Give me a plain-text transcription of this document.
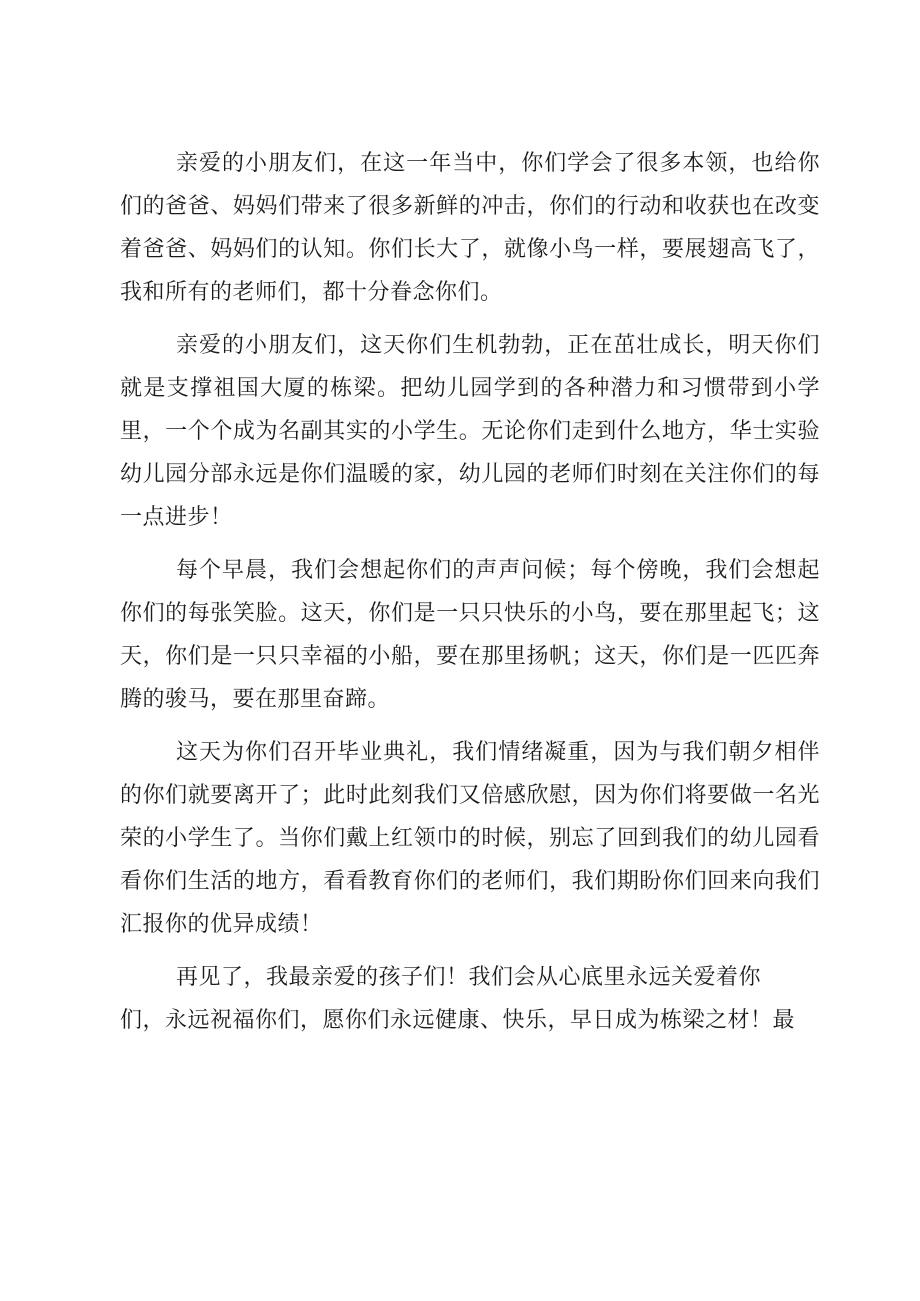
亲爱的小朋友们，在这一年当中，你们学会了很多本领，也给你们的爸爸、妈妈们带来了很多新鲜的冲击，你们的行动和收获也在改变着爸爸、妈妈们的认知。你们长大了，就像小鸟一样，要展翅高飞了，我和所有的老师们，都十分眷念你们。

亲爱的小朋友们，这天你们生机勃勃，正在茁壮成长，明天你们就是支撑祖国大厦的栋梁。把幼儿园学到的各种潜力和习惯带到小学里，一个个成为名副其实的小学生。无论你们走到什么地方，华士实验幼儿园分部永远是你们温暖的家，幼儿园的老师们时刻在关注你们的每一点进步！

每个早晨，我们会想起你们的声声问候；每个傍晚，我们会想起你们的每张笑脸。这天，你们是一只只快乐的小鸟，要在那里起飞；这天，你们是一只只幸福的小船，要在那里扬帆；这天，你们是一匹匹奔腾的骏马，要在那里奋蹄。

这天为你们召开毕业典礼，我们情绪凝重，因为与我们朝夕相伴的你们就要离开了；此时此刻我们又倍感欣慰，因为你们将要做一名光荣的小学生了。当你们戴上红领巾的时候，别忘了回到我们的幼儿园看看你们生活的地方，看看教育你们的老师们，我们期盼你们回来向我们汇报你的优异成绩！

再见了，我最亲爱的孩子们！我们会从心底里永远关爱着你
们，永远祝福你们，愿你们永远健康、快乐，早日成为栋梁之材！最
